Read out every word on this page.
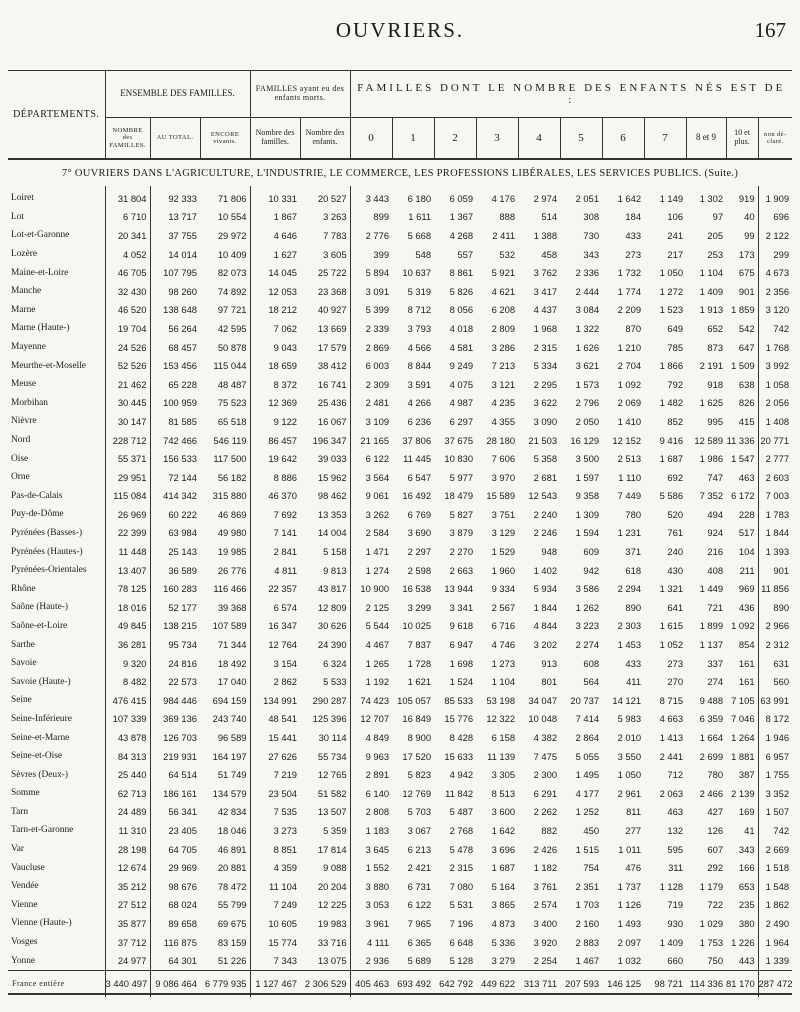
OUVRIERS.	167
DÉPARTEMENTS.	ENSEMBLE DES FAMILLES.			FAMILLES ayant eu des enfants morts.		FAMILLES DONT LE NOMBRE DES ENFANTS NÉS EST DE :										
	NOMBRE des FAMILLES.	AU TOTAL.	ENCORE vivants.	Nombre des familles.	Nombre des enfants.	0	1	2	3	4	5	6	7	8 et 9	10 et plus.	non dé- claré.
7° OUVRIERS DANS L'AGRICULTURE, L'INDUSTRIE, LE COMMERCE, LES PROFESSIONS LIBÉRALES, LES SERVICES PUBLICS. (Suite.)																
Loiret	31 804	92 333	71 806	10 331	20 527	3 443	6 180	6 059	4 176	2 974	2 051	1 642	1 149	1 302	919	1 909
Lot	6 710	13 717	10 554	1 867	3 263	899	1 611	1 367	888	514	308	184	106	97	40	696
Lot-et-Garonne	20 341	37 755	29 972	4 646	7 783	2 776	5 668	4 268	2 411	1 388	730	433	241	205	99	2 122
Lozère	4 052	14 014	10 409	1 627	3 605	399	548	557	532	458	343	273	217	253	173	299
Maine-et-Loire	46 705	107 795	82 073	14 045	25 722	5 894	10 637	8 861	5 921	3 762	2 336	1 732	1 050	1 104	675	4 673
Manche	32 430	98 260	74 892	12 053	23 368	3 091	5 319	5 826	4 621	3 417	2 444	1 774	1 272	1 409	901	2 356
Marne	46 520	138 648	97 721	18 212	40 927	5 399	8 712	8 056	6 208	4 437	3 084	2 209	1 523	1 913	1 859	3 120
Marne (Haute-)	19 704	56 264	42 595	7 062	13 669	2 339	3 793	4 018	2 809	1 968	1 322	870	649	652	542	742
Mayenne	24 526	68 457	50 878	9 043	17 579	2 869	4 566	4 581	3 286	2 315	1 626	1 210	785	873	647	1 768
Meurthe-et-Moselle	52 526	153 456	115 044	18 659	38 412	6 003	8 844	9 249	7 213	5 334	3 621	2 704	1 866	2 191	1 509	3 992
Meuse	21 462	65 228	48 487	8 372	16 741	2 309	3 591	4 075	3 121	2 295	1 573	1 092	792	918	638	1 058
Morbihan	30 445	100 959	75 523	12 369	25 436	2 481	4 266	4 987	4 235	3 622	2 796	2 069	1 482	1 625	826	2 056
Nièvre	30 147	81 585	65 518	9 122	16 067	3 109	6 236	6 297	4 355	3 090	2 050	1 410	852	995	415	1 408
Nord	228 712	742 466	546 119	86 457	196 347	21 165	37 806	37 675	28 180	21 503	16 129	12 152	9 416	12 589	11 336	20 771
Oise	55 371	156 533	117 500	19 642	39 033	6 122	11 445	10 830	7 606	5 358	3 500	2 513	1 687	1 986	1 547	2 777
Orne	29 951	72 144	56 182	8 886	15 962	3 564	6 547	5 977	3 970	2 681	1 597	1 110	692	747	463	2 603
Pas-de-Calais	115 084	414 342	315 880	46 370	98 462	9 061	16 492	18 479	15 589	12 543	9 358	7 449	5 586	7 352	6 172	7 003
Puy-de-Dôme	26 969	60 222	46 869	7 692	13 353	3 262	6 769	5 827	3 751	2 240	1 309	780	520	494	228	1 783
Pyrénées (Basses-)	22 399	63 984	49 980	7 141	14 004	2 584	3 690	3 879	3 129	2 246	1 594	1 231	761	924	517	1 844
Pyrénées (Hautes-)	11 448	25 143	19 985	2 841	5 158	1 471	2 297	2 270	1 529	948	609	371	240	216	104	1 393
Pyrénées-Orientales	13 407	36 589	26 776	4 811	9 813	1 274	2 598	2 663	1 960	1 402	942	618	430	408	211	901
Rhône	78 125	160 283	116 466	22 357	43 817	10 900	16 538	13 944	9 334	5 934	3 586	2 294	1 321	1 449	969	11 856
Saône (Haute-)	18 016	52 177	39 368	6 574	12 809	2 125	3 299	3 341	2 567	1 844	1 262	890	641	721	436	890
Saône-et-Loire	49 845	138 215	107 589	16 347	30 626	5 544	10 025	9 618	6 716	4 844	3 223	2 303	1 615	1 899	1 092	2 966
Sarthe	36 281	95 734	71 344	12 764	24 390	4 467	7 837	6 947	4 746	3 202	2 274	1 453	1 052	1 137	854	2 312
Savoie	9 320	24 816	18 492	3 154	6 324	1 265	1 728	1 698	1 273	913	608	433	273	337	161	631
Savoie (Haute-)	8 482	22 573	17 040	2 862	5 533	1 192	1 621	1 524	1 104	801	564	411	270	274	161	560
Seine	476 415	984 446	694 159	134 991	290 287	74 423	105 057	85 533	53 198	34 047	20 737	14 121	8 715	9 488	7 105	63 991
Seine-Inférieure	107 339	369 136	243 740	48 541	125 396	12 707	16 849	15 776	12 322	10 048	7 414	5 983	4 663	6 359	7 046	8 172
Seine-et-Marne	43 878	126 703	96 589	15 441	30 114	4 849	8 900	8 428	6 158	4 382	2 864	2 010	1 413	1 664	1 264	1 946
Seine-et-Oise	84 313	219 931	164 197	27 626	55 734	9 963	17 520	15 633	11 139	7 475	5 055	3 550	2 441	2 699	1 881	6 957
Sèvres (Deux-)	25 440	64 514	51 749	7 219	12 765	2 891	5 823	4 942	3 305	2 300	1 495	1 050	712	780	387	1 755
Somme	62 713	186 161	134 579	23 504	51 582	6 140	12 769	11 842	8 513	6 291	4 177	2 961	2 063	2 466	2 139	3 352
Tarn	24 489	56 341	42 834	7 535	13 507	2 808	5 703	5 487	3 600	2 262	1 252	811	463	427	169	1 507
Tarn-et-Garonne	11 310	23 405	18 046	3 273	5 359	1 183	3 067	2 768	1 642	882	450	277	132	126	41	742
Var	28 198	64 705	46 891	8 851	17 814	3 645	6 213	5 478	3 696	2 426	1 515	1 011	595	607	343	2 669
Vaucluse	12 674	29 969	20 881	4 359	9 088	1 552	2 421	2 315	1 687	1 182	754	476	311	292	166	1 518
Vendée	35 212	98 676	78 472	11 104	20 204	3 880	6 731	7 080	5 164	3 761	2 351	1 737	1 128	1 179	653	1 548
Vienne	27 512	68 024	55 799	7 249	12 225	3 053	6 122	5 531	3 865	2 574	1 703	1 126	719	722	235	1 862
Vienne (Haute-)	35 877	89 658	69 675	10 605	19 983	3 961	7 965	7 196	4 873	3 400	2 160	1 493	930	1 029	380	2 490
Vosges	37 712	116 875	83 159	15 774	33 716	4 111	6 365	6 648	5 336	3 920	2 883	2 097	1 409	1 753	1 226	1 964
Yonne	24 977	64 301	51 226	7 343	13 075	2 936	5 689	5 128	3 279	2 254	1 467	1 032	660	750	443	1 339
France entière	3 440 497	9 086 464	6 779 935	1 127 467	2 306 529	405 463	693 492	642 792	449 622	313 711	207 593	146 125	98 721	114 336	81 170	287 472
